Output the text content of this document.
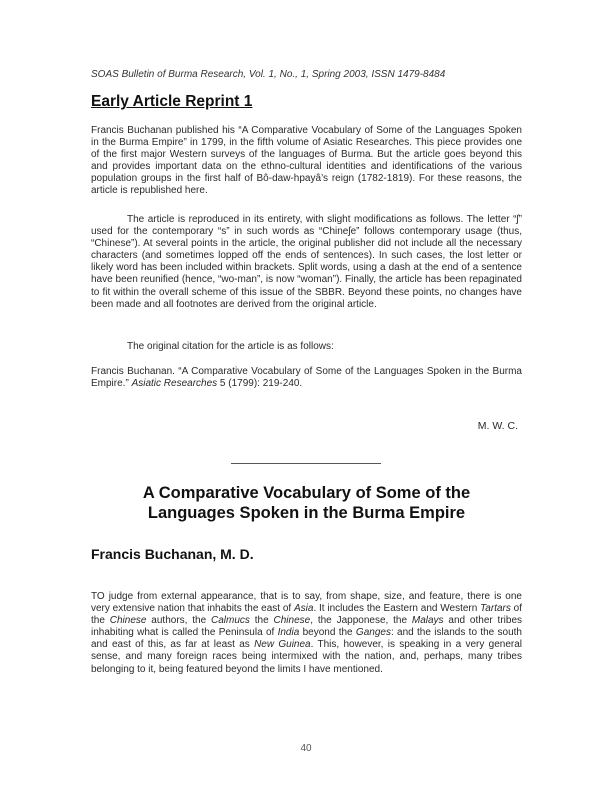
SOAS Bulletin of Burma Research, Vol. 1, No., 1, Spring 2003, ISSN 1479-8484
Early Article Reprint 1

Francis Buchanan published his “A Comparative Vocabulary of Some of the Languages Spoken in the Burma Empire” in 1799, in the fifth volume of Asiatic Researches. This piece provides one of the first major Western surveys of the languages of Burma. But the article goes beyond this and provides important data on the ethno-cultural identities and identifications of the various population groups in the first half of Bô-daw-hpayâ’s reign (1782-1819). For these reasons, the article is republished here.

The article is reproduced in its entirety, with slight modifications as follows. The letter “ʃ” used for the contemporary “s” in such words as “Chineʃe” follows contemporary usage (thus, “Chinese”). At several points in the article, the original publisher did not include all the necessary characters (and sometimes lopped off the ends of sentences). In such cases, the lost letter or likely word has been included within brackets. Split words, using a dash at the end of a sentence have been reunified (hence, “wo-man”, is now “woman”). Finally, the article has been repaginated to fit within the overall scheme of this issue of the SBBR. Beyond these points, no changes have been made and all footnotes are derived from the original article.

The original citation for the article is as follows:

Francis Buchanan. “A Comparative Vocabulary of Some of the Languages Spoken in the Burma Empire.” Asiatic Researches 5 (1799): 219-240.

M. W. C.
A Comparative Vocabulary of Some of the
Languages Spoken in the Burma Empire
Francis Buchanan, M. D.

TO judge from external appearance, that is to say, from shape, size, and feature, there is one very extensive nation that inhabits the east of Asia. It includes the Eastern and Western Tartars of the Chinese authors, the Calmucs the Chinese, the Japponese, the Malays and other tribes inhabiting what is called the Peninsula of India beyond the Ganges: and the islands to the south and east of this, as far at least as New Guinea. This, however, is speaking in a very general sense, and many foreign races being intermixed with the nation, and, perhaps, many tribes belonging to it, being featured beyond the limits I have mentioned.

40
